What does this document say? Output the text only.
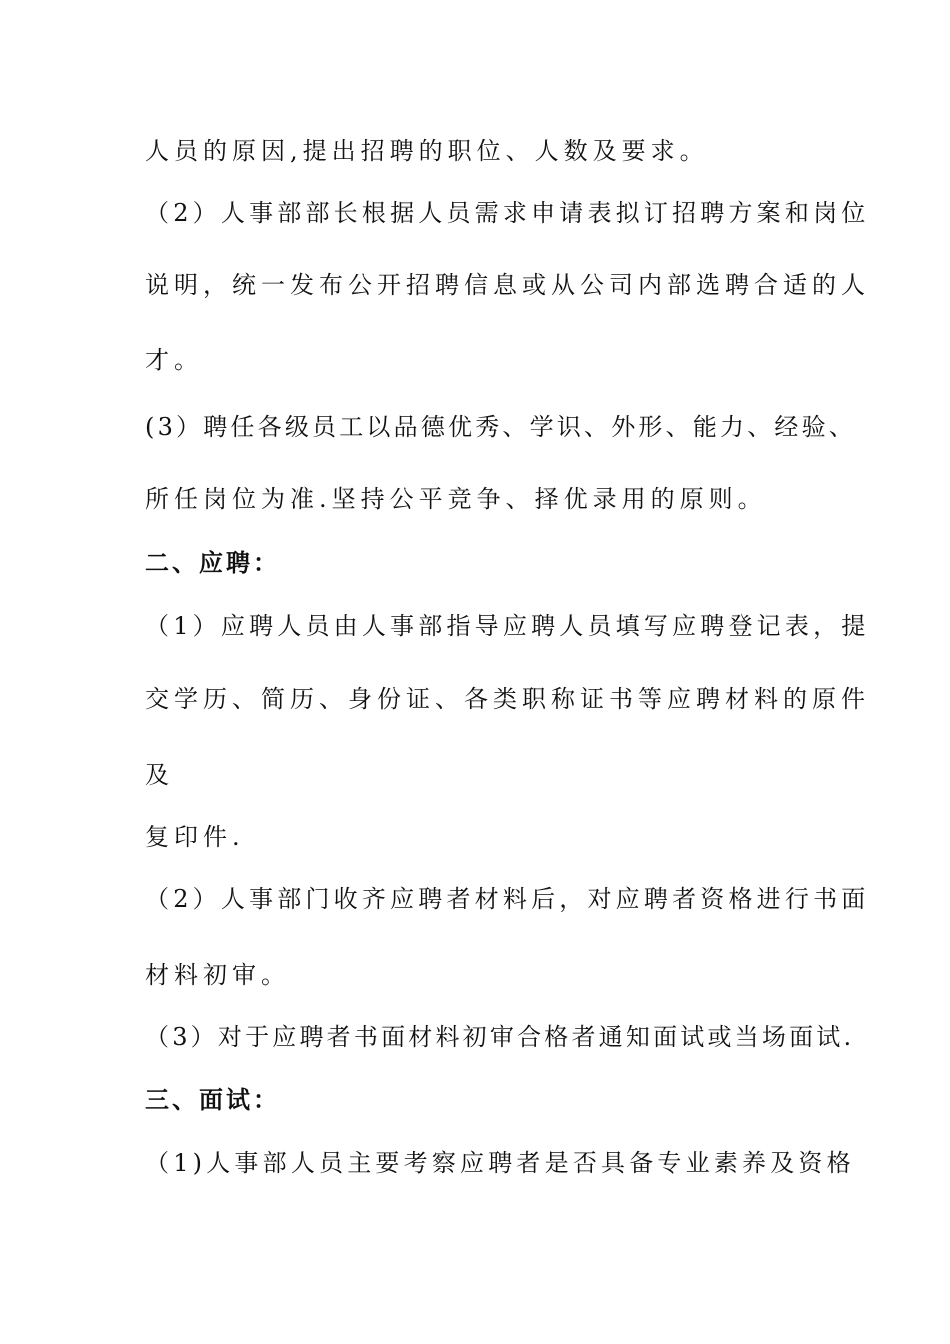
人员的原因,提出招聘的职位、人数及要求。
（2）人事部部长根据人员需求申请表拟订招聘方案和岗位
说明，统一发布公开招聘信息或从公司内部选聘合适的人
才。
(3）聘任各级员工以品德优秀、学识、外形、能力、经验、
所任岗位为准.坚持公平竞争、择优录用的原则。
二、应聘：
（1）应聘人员由人事部指导应聘人员填写应聘登记表，提
交学历、简历、身份证、各类职称证书等应聘材料的原件
及
复印件.
（2）人事部门收齐应聘者材料后，对应聘者资格进行书面
材料初审。
（3）对于应聘者书面材料初审合格者通知面试或当场面试.
三、面试：
（1)人事部人员主要考察应聘者是否具备专业素养及资格
